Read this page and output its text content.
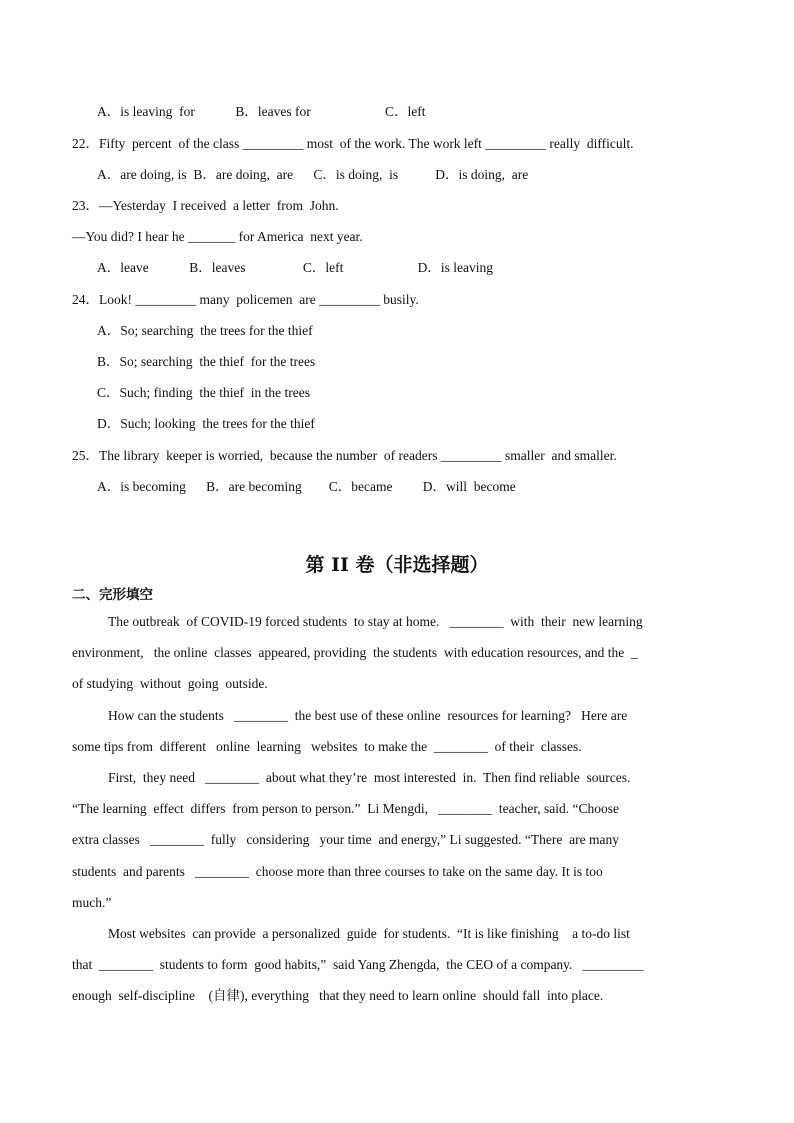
A．is leaving  for            B．leaves for                      C．left
22．Fifty  percent  of the class _________ most  of the work. The work left _________ really  difficult.
A．are doing, is  B．are doing,  are      C．is doing,  is           D．is doing,  are
23．—Yesterday  I received  a letter  from  John.
—You did? I hear he _______ for America  next year.
A．leave            B．leaves                 C．left                      D．is leaving
24．Look! _________ many  policemen  are _________ busily.
A．So; searching  the trees for the thief
B．So; searching  the thief  for the trees
C．Such; finding  the thief  in the trees
D．Such; looking  the trees for the thief
25．The library  keeper is worried,  because the number  of readers _________ smaller  and smaller.
A．is becoming      B．are becoming        C．became         D．will  become
第 II 卷（非选择题）
二、完形填空
The outbreak  of COVID-19 forced students  to stay at home.   ________  with  their  new learning
environment,   the online  classes  appeared, providing  the students  with education resources, and the  _
of studying  without  going  outside.
How can the students   ________  the best use of these online  resources for learning?   Here are
some tips from  different   online  learning   websites  to make the  ________  of their  classes.
First,  they need   ________  about what they’re  most interested  in.  Then find reliable  sources.
“The learning  effect  differs  from person to person.”  Li Mengdi,   ________  teacher, said. “Choose
extra classes   ________  fully   considering   your time  and energy,” Li suggested. “There  are many
students  and parents   ________  choose more than three courses to take on the same day. It is too
much.”
Most websites  can provide  a personalized  guide  for students.  “It is like finishing    a to-do list
that  ________  students to form  good habits,”  said Yang Zhengda,  the CEO of a company.   _________
enough  self-discipline    (自律), everything   that they need to learn online  should fall  into place.
